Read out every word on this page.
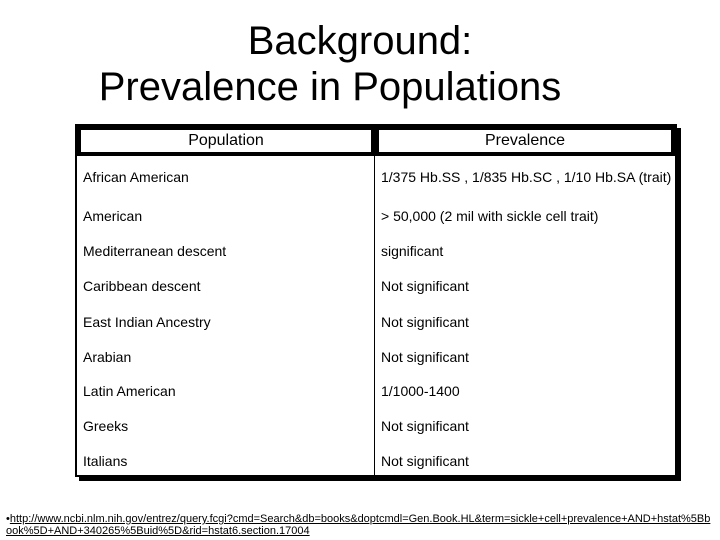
Background:
Prevalence in Populations
Population	Prevalence
African American	1/375 Hb.SS , 1/835 Hb.SC , 1/10 Hb.SA (trait)
American	> 50,000 (2 mil with sickle cell trait)
Mediterranean descent	significant
Caribbean descent	Not significant
East Indian Ancestry	Not significant
Arabian	Not significant
Latin American	1/1000-1400
Greeks	Not significant
Italians	Not significant
•http://www.ncbi.nlm.nih.gov/entrez/query.fcgi?cmd=Search&db=books&doptcmdl=Gen.Book.HL&term=sickle+cell+prevalence+AND+hstat%5Bbook%5D+AND+340265%5Buid%5D&rid=hstat6.section.17004
